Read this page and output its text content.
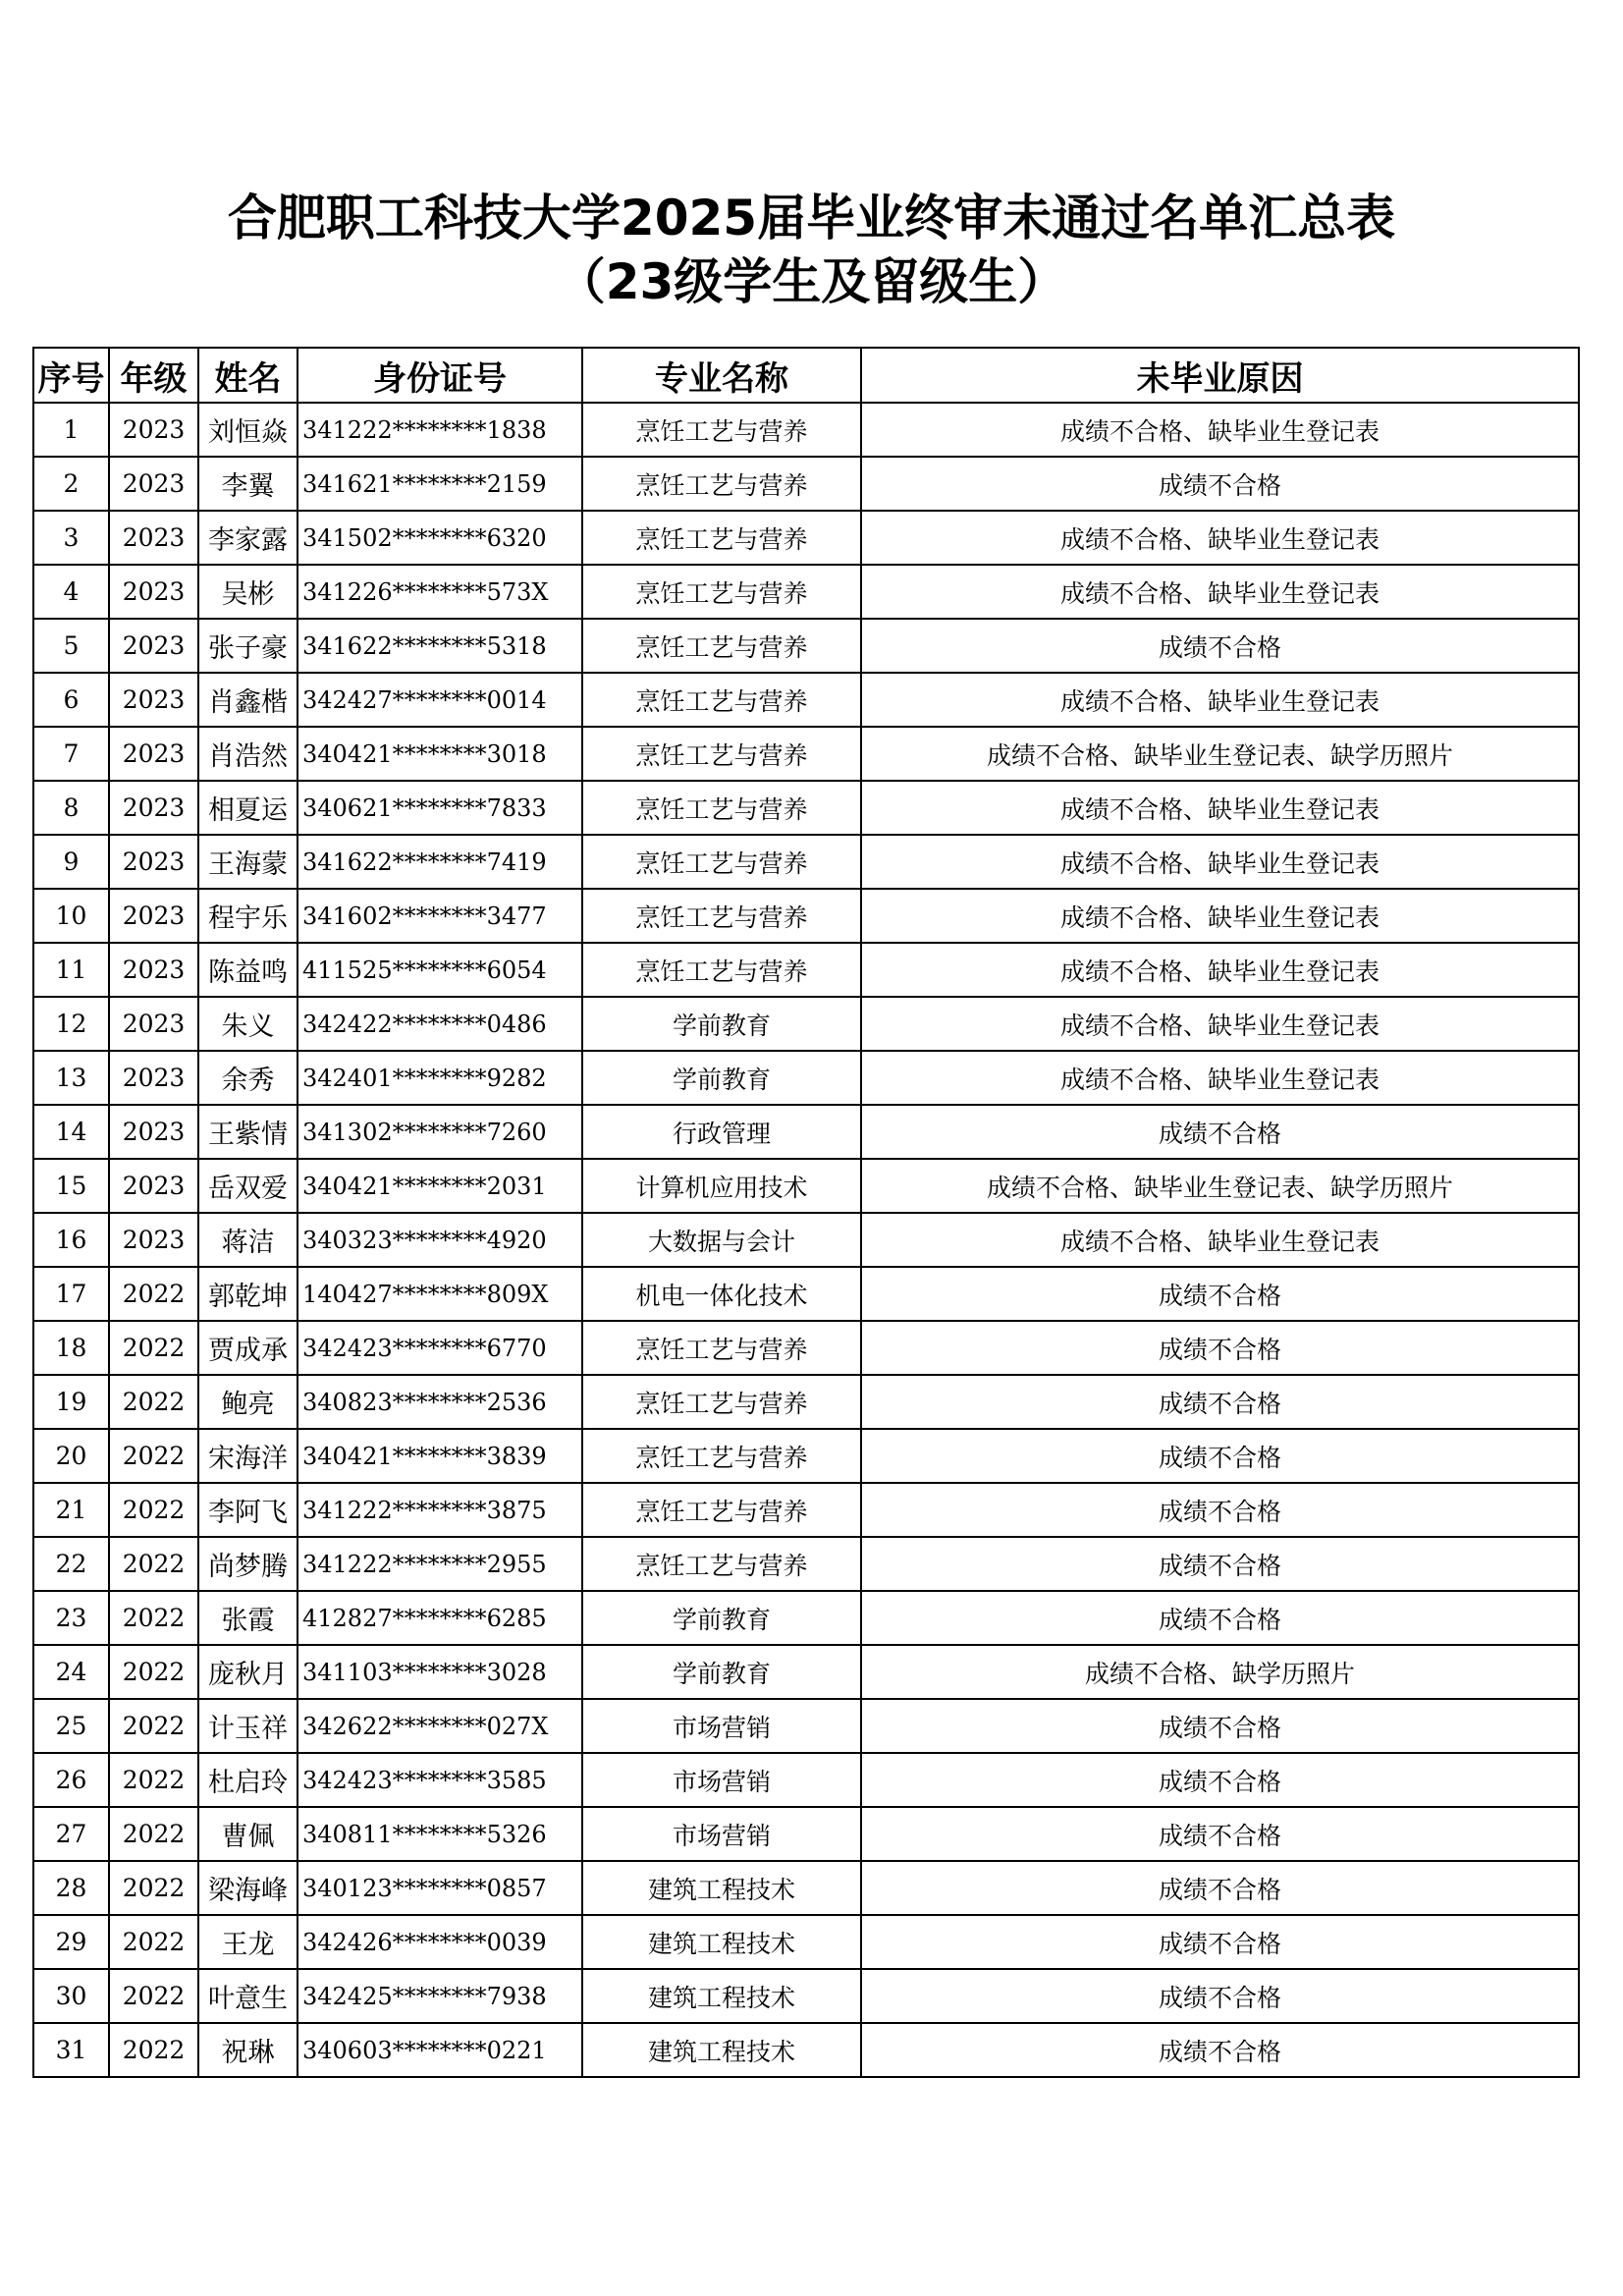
合肥职工科技大学2025届毕业终审未通过名单汇总表
（23级学生及留级生）
序号	年级	姓名	身份证号	专业名称	未毕业原因
1	2023	刘恒焱	341222********1838	烹饪工艺与营养	成绩不合格、缺毕业生登记表
2	2023	李翼	341621********2159	烹饪工艺与营养	成绩不合格
3	2023	李家露	341502********6320	烹饪工艺与营养	成绩不合格、缺毕业生登记表
4	2023	吴彬	341226********573X	烹饪工艺与营养	成绩不合格、缺毕业生登记表
5	2023	张子豪	341622********5318	烹饪工艺与营养	成绩不合格
6	2023	肖鑫楷	342427********0014	烹饪工艺与营养	成绩不合格、缺毕业生登记表
7	2023	肖浩然	340421********3018	烹饪工艺与营养	成绩不合格、缺毕业生登记表、缺学历照片
8	2023	相夏运	340621********7833	烹饪工艺与营养	成绩不合格、缺毕业生登记表
9	2023	王海蒙	341622********7419	烹饪工艺与营养	成绩不合格、缺毕业生登记表
10	2023	程宇乐	341602********3477	烹饪工艺与营养	成绩不合格、缺毕业生登记表
11	2023	陈益鸣	411525********6054	烹饪工艺与营养	成绩不合格、缺毕业生登记表
12	2023	朱义	342422********0486	学前教育	成绩不合格、缺毕业生登记表
13	2023	余秀	342401********9282	学前教育	成绩不合格、缺毕业生登记表
14	2023	王紫情	341302********7260	行政管理	成绩不合格
15	2023	岳双爱	340421********2031	计算机应用技术	成绩不合格、缺毕业生登记表、缺学历照片
16	2023	蒋洁	340323********4920	大数据与会计	成绩不合格、缺毕业生登记表
17	2022	郭乾坤	140427********809X	机电一体化技术	成绩不合格
18	2022	贾成承	342423********6770	烹饪工艺与营养	成绩不合格
19	2022	鲍亮	340823********2536	烹饪工艺与营养	成绩不合格
20	2022	宋海洋	340421********3839	烹饪工艺与营养	成绩不合格
21	2022	李阿飞	341222********3875	烹饪工艺与营养	成绩不合格
22	2022	尚梦腾	341222********2955	烹饪工艺与营养	成绩不合格
23	2022	张霞	412827********6285	学前教育	成绩不合格
24	2022	庞秋月	341103********3028	学前教育	成绩不合格、缺学历照片
25	2022	计玉祥	342622********027X	市场营销	成绩不合格
26	2022	杜启玲	342423********3585	市场营销	成绩不合格
27	2022	曹佩	340811********5326	市场营销	成绩不合格
28	2022	梁海峰	340123********0857	建筑工程技术	成绩不合格
29	2022	王龙	342426********0039	建筑工程技术	成绩不合格
30	2022	叶意生	342425********7938	建筑工程技术	成绩不合格
31	2022	祝琳	340603********0221	建筑工程技术	成绩不合格
